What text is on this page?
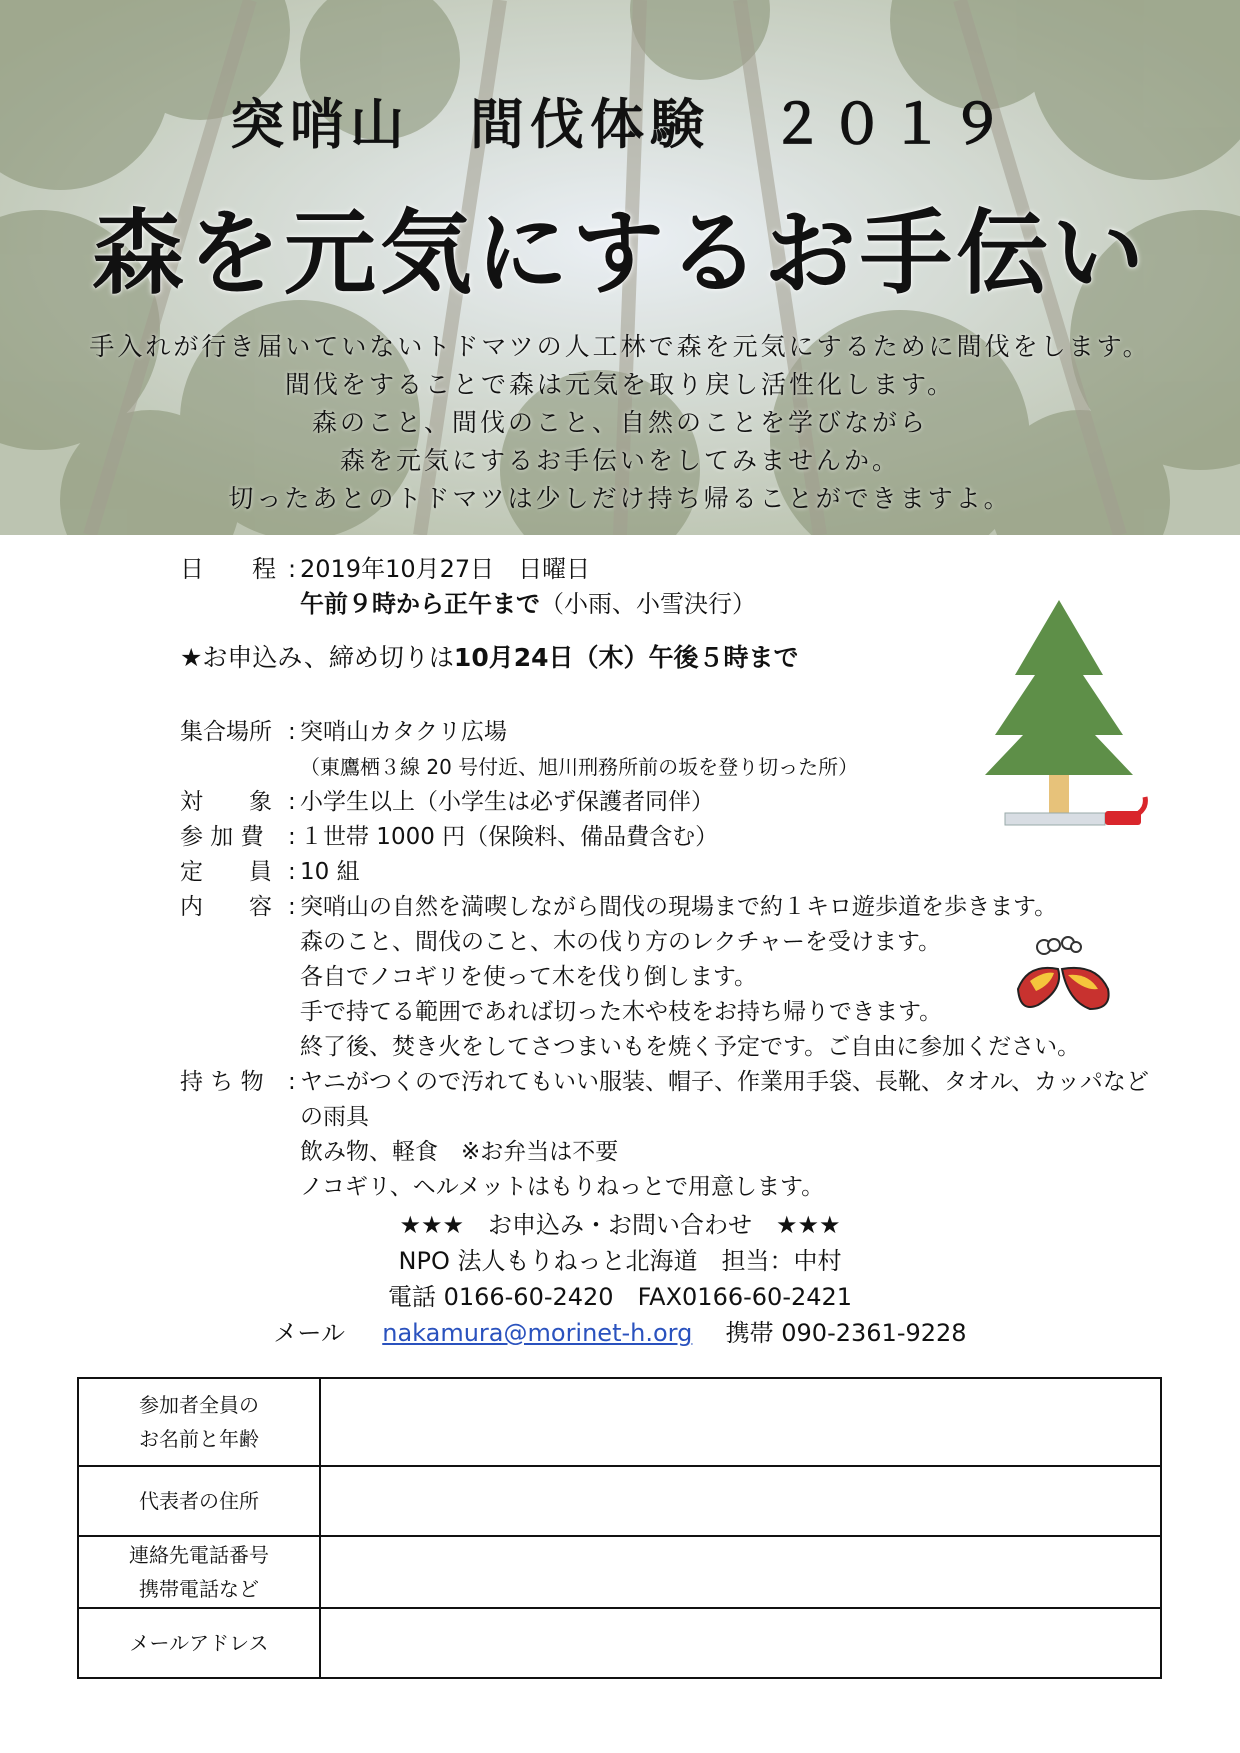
突哨山　間伐体験　２０１９
森を元気にするお手伝い
手入れが行き届いていないトドマツの人工林で森を元気にするために間伐をします。
間伐をすることで森は元気を取り戻し活性化します。
森のこと、間伐のこと、自然のことを学びながら
森を元気にするお手伝いをしてみませんか。
切ったあとのトドマツは少しだけ持ち帰ることができますよ。
日　　程 : 2019年10月27日　日曜日
午前９時から正午まで（小雨、小雪決行）
★お申込み、締め切りは10月24日（木）午後５時まで
集合場所 : 突哨山カタクリ広場
（東鷹栖３線 20 号付近、旭川刑務所前の坂を登り切った所）
対　　象 : 小学生以上（小学生は必ず保護者同伴）
参 加 費	: １世帯 1000 円（保険料、備品費含む）
定　　員 : 10 組
内　　容 : 突哨山の自然を満喫しながら間伐の現場まで約１キロ遊歩道を歩きます。
森のこと、間伐のこと、木の伐り方のレクチャーを受けます。
各自でノコギリを使って木を伐り倒します。
手で持てる範囲であれば切った木や枝をお持ち帰りできます。
終了後、焚き火をしてさつまいもを焼く予定です。ご自由に参加ください。
持 ち 物	: ヤニがつくので汚れてもいい服装、帽子、作業用手袋、長靴、タオル、カッパなどの雨具
飲み物、軽食　※お弁当は不要
ノコギリ、ヘルメットはもりねっとで用意します。
★★★　お申込み・お問い合わせ　★★★
NPO 法人もりねっと北海道　担当：中村
電話 0166-60-2420　FAX0166-60-2421
メール nakamura@morinet-h.org 携帯 090-2361-9228
参加者全員の
お名前と年齢	

代表者の住所	

連絡先電話番号
携帯電話など	

メールアドレス	
